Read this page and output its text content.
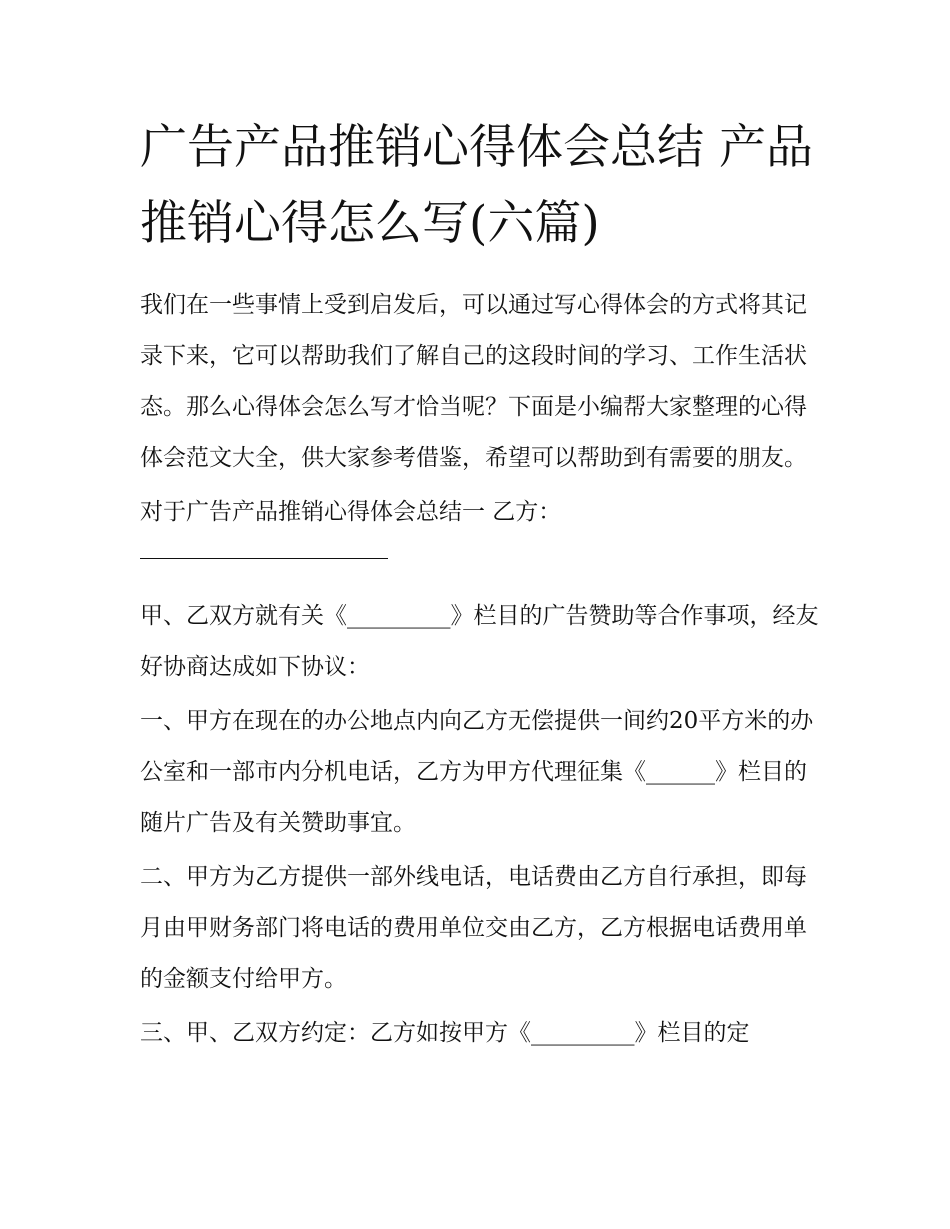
广告产品推销心得体会总结 产品推销心得怎么写(六篇)

我们在一些事情上受到启发后，可以通过写心得体会的方式将其记录下来，它可以帮助我们了解自己的这段时间的学习、工作生活状态。那么心得体会怎么写才恰当呢？下面是小编帮大家整理的心得体会范文大全，供大家参考借鉴，希望可以帮助到有需要的朋友。

对于广告产品推销心得体会总结一 乙方：

甲、乙双方就有关《_________》栏目的广告赞助等合作事项，经友好协商达成如下协议：

一、甲方在现在的办公地点内向乙方无偿提供一间约20平方米的办公室和一部市内分机电话，乙方为甲方代理征集《______》栏目的随片广告及有关赞助事宜。

二、甲方为乙方提供一部外线电话，电话费由乙方自行承担，即每月由甲财务部门将电话的费用单位交由乙方，乙方根据电话费用单的金额支付给甲方。

三、甲、乙双方约定：乙方如按甲方《_________》栏目的定
